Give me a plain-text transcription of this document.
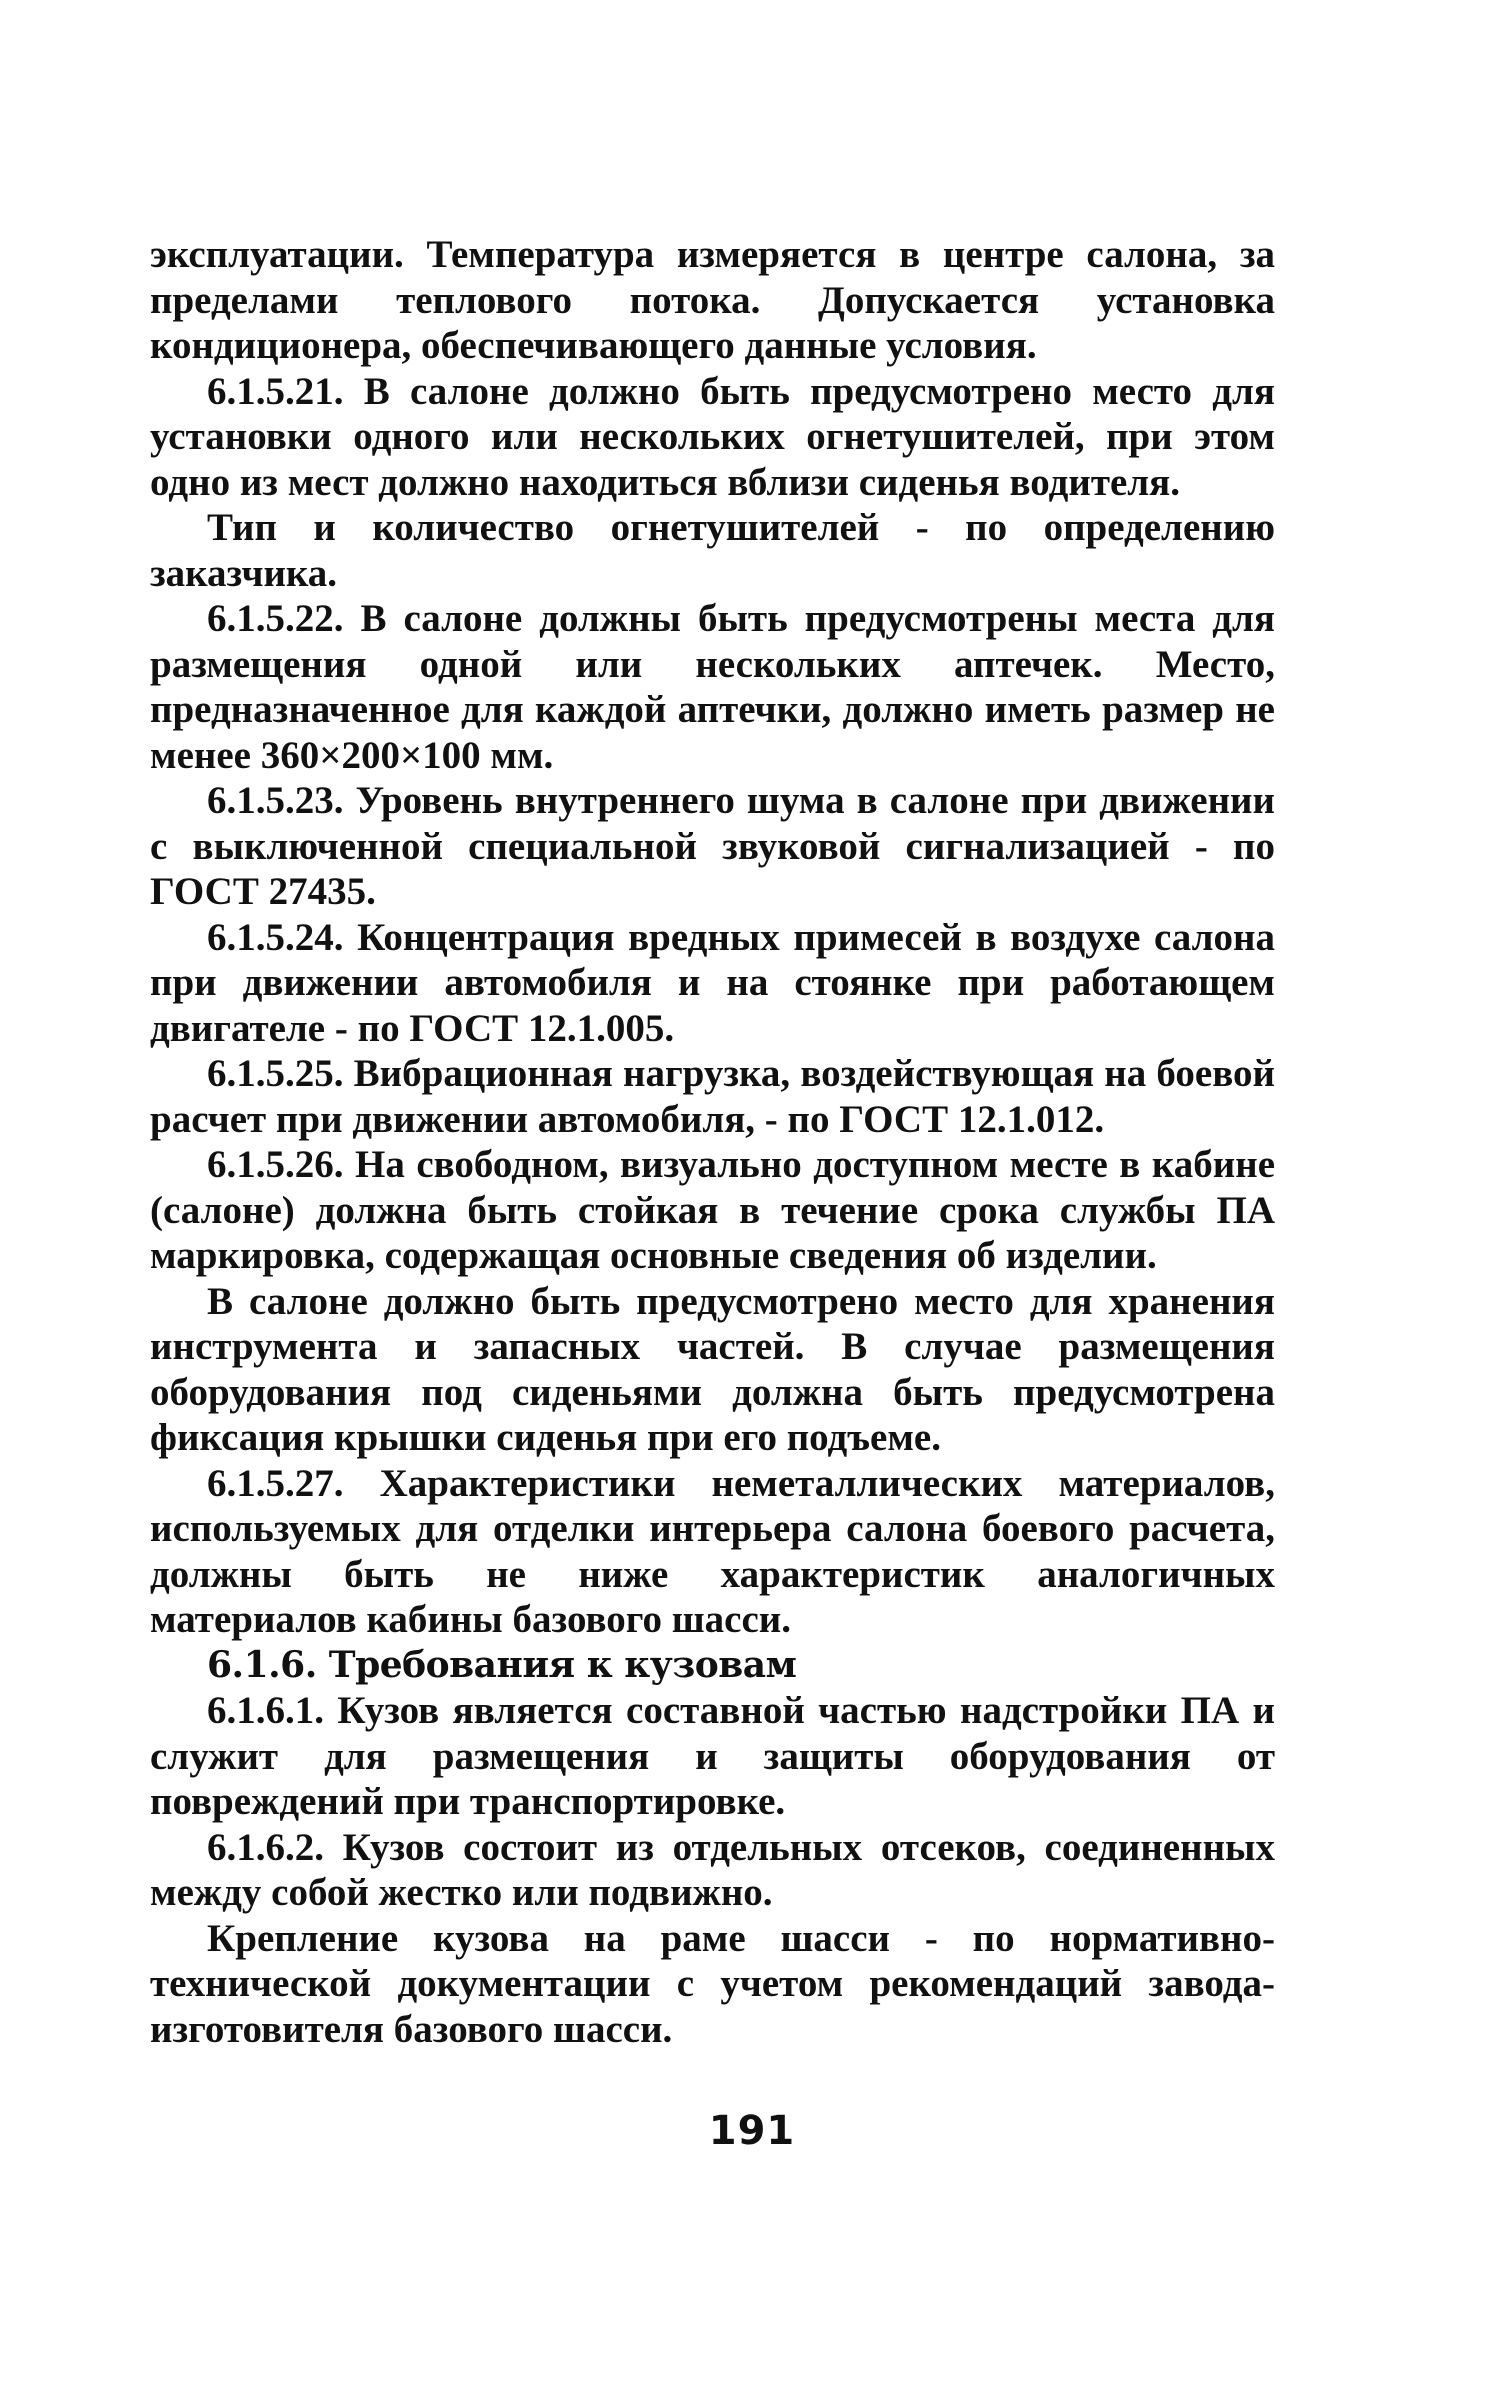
эксплуатации. Температура измеряется в центре салона, за пределами теплового потока. Допускается установка кондиционера, обеспечивающего данные условия.

6.1.5.21. В салоне должно быть предусмотрено место для установки одного или нескольких огнетушителей, при этом одно из мест должно находиться вблизи сиденья водителя.

Тип и количество огнетушителей - по определению заказчика.

6.1.5.22. В салоне должны быть предусмотрены места для размещения одной или нескольких аптечек. Место, предназначенное для каждой аптечки, должно иметь размер не менее 360×200×100 мм.

6.1.5.23. Уровень внутреннего шума в салоне при движении с выключенной специальной звуковой сигнализацией - по ГОСТ 27435.

6.1.5.24. Концентрация вредных примесей в воздухе салона при движении автомобиля и на стоянке при работающем двигателе - по ГОСТ 12.1.005.

6.1.5.25. Вибрационная нагрузка, воздействующая на боевой расчет при движении автомобиля, - по ГОСТ 12.1.012.

6.1.5.26. На свободном, визуально доступном месте в кабине (салоне) должна быть стойкая в течение срока службы ПА маркировка, содержащая основные сведения об изделии.

В салоне должно быть предусмотрено место для хранения инструмента и запасных частей. В случае размещения оборудования под сиденьями должна быть предусмотрена фиксация крышки сиденья при его подъеме.

6.1.5.27. Характеристики неметаллических материалов, используемых для отделки интерьера салона боевого расчета, должны быть не ниже характеристик аналогичных материалов кабины базового шасси.

6.1.6. Требования к кузовам

6.1.6.1. Кузов является составной частью надстройки ПА и служит для размещения и защиты оборудования от повреждений при транспортировке.

6.1.6.2. Кузов состоит из отдельных отсеков, соединенных между собой жестко или подвижно.

Крепление кузова на раме шасси - по нормативно-технической документации с учетом рекомендаций завода-изготовителя базового шасси.

191
